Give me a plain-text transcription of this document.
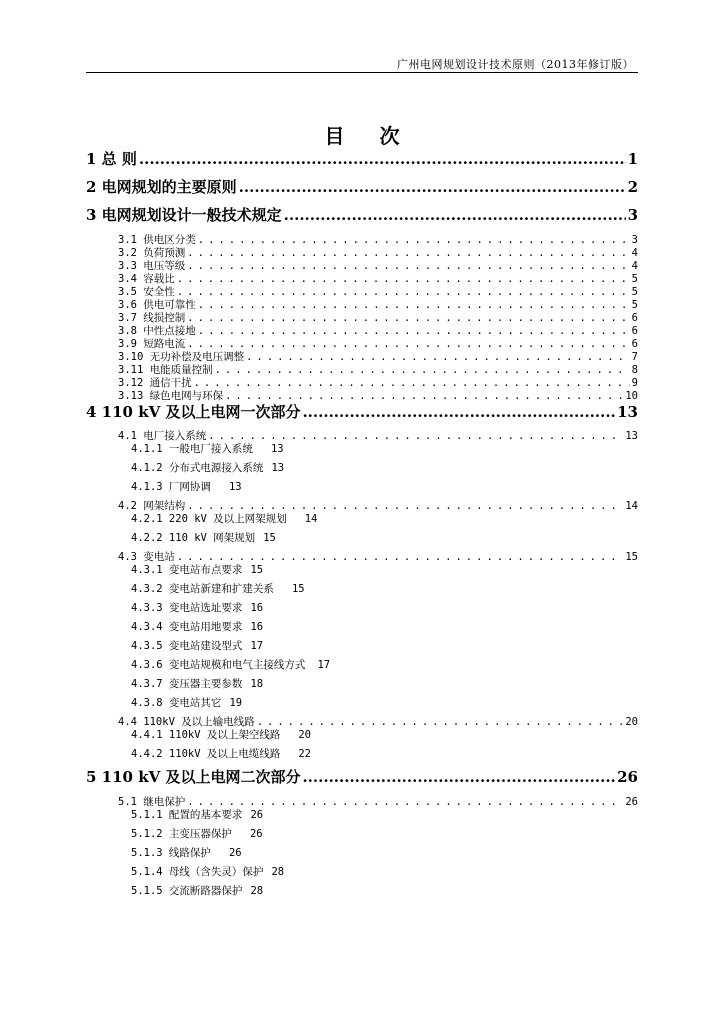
广州电网规划设计技术原则（2013年修订版）
目 次
1 总 则 .....	1
2 电网规划的主要原则 .....	2
3 电网规划设计一般技术规定 .....	3
3.1 供电区分类 .....	3
3.2 负荷预测 .....	4
3.3 电压等级 .....	4
3.4 容载比 .....	5
3.5 安全性 .....	5
3.6 供电可靠性 .....	5
3.7 线损控制 .....	6
3.8 中性点接地 .....	6
3.9 短路电流 .....	6
3.10 无功补偿及电压调整 .....	7
3.11 电能质量控制 .....	8
3.12 通信干扰 .....	9
3.13 绿色电网与环保 .....	10
4 110 kV 及以上电网一次部分 .....	13
4.1 电厂接入系统 .....	13
4.1.1 一般电厂接入系统 13
4.1.2 分布式电源接入系统 13
4.1.3 厂网协调 13
4.2 网架结构 .....	14
4.2.1 220 kV 及以上网架规划 14
4.2.2 110 kV 网架规划 15
4.3 变电站 .....	15
4.3.1 变电站布点要求 15
4.3.2 变电站新建和扩建关系 15
4.3.3 变电站选址要求 16
4.3.4 变电站用地要求 16
4.3.5 变电站建设型式 17
4.3.6 变电站规模和电气主接线方式 17
4.3.7 变压器主要参数 18
4.3.8 变电站其它 19
4.4 110kV 及以上输电线路 .....	20
4.4.1 110kV 及以上架空线路 20
4.4.2 110kV 及以上电缆线路 22
5 110 kV 及以上电网二次部分 .....	26
5.1 继电保护 .....	26
5.1.1 配置的基本要求 26
5.1.2 主变压器保护 26
5.1.3 线路保护 26
5.1.4 母线（含失灵）保护 28
5.1.5 交流断路器保护 28
